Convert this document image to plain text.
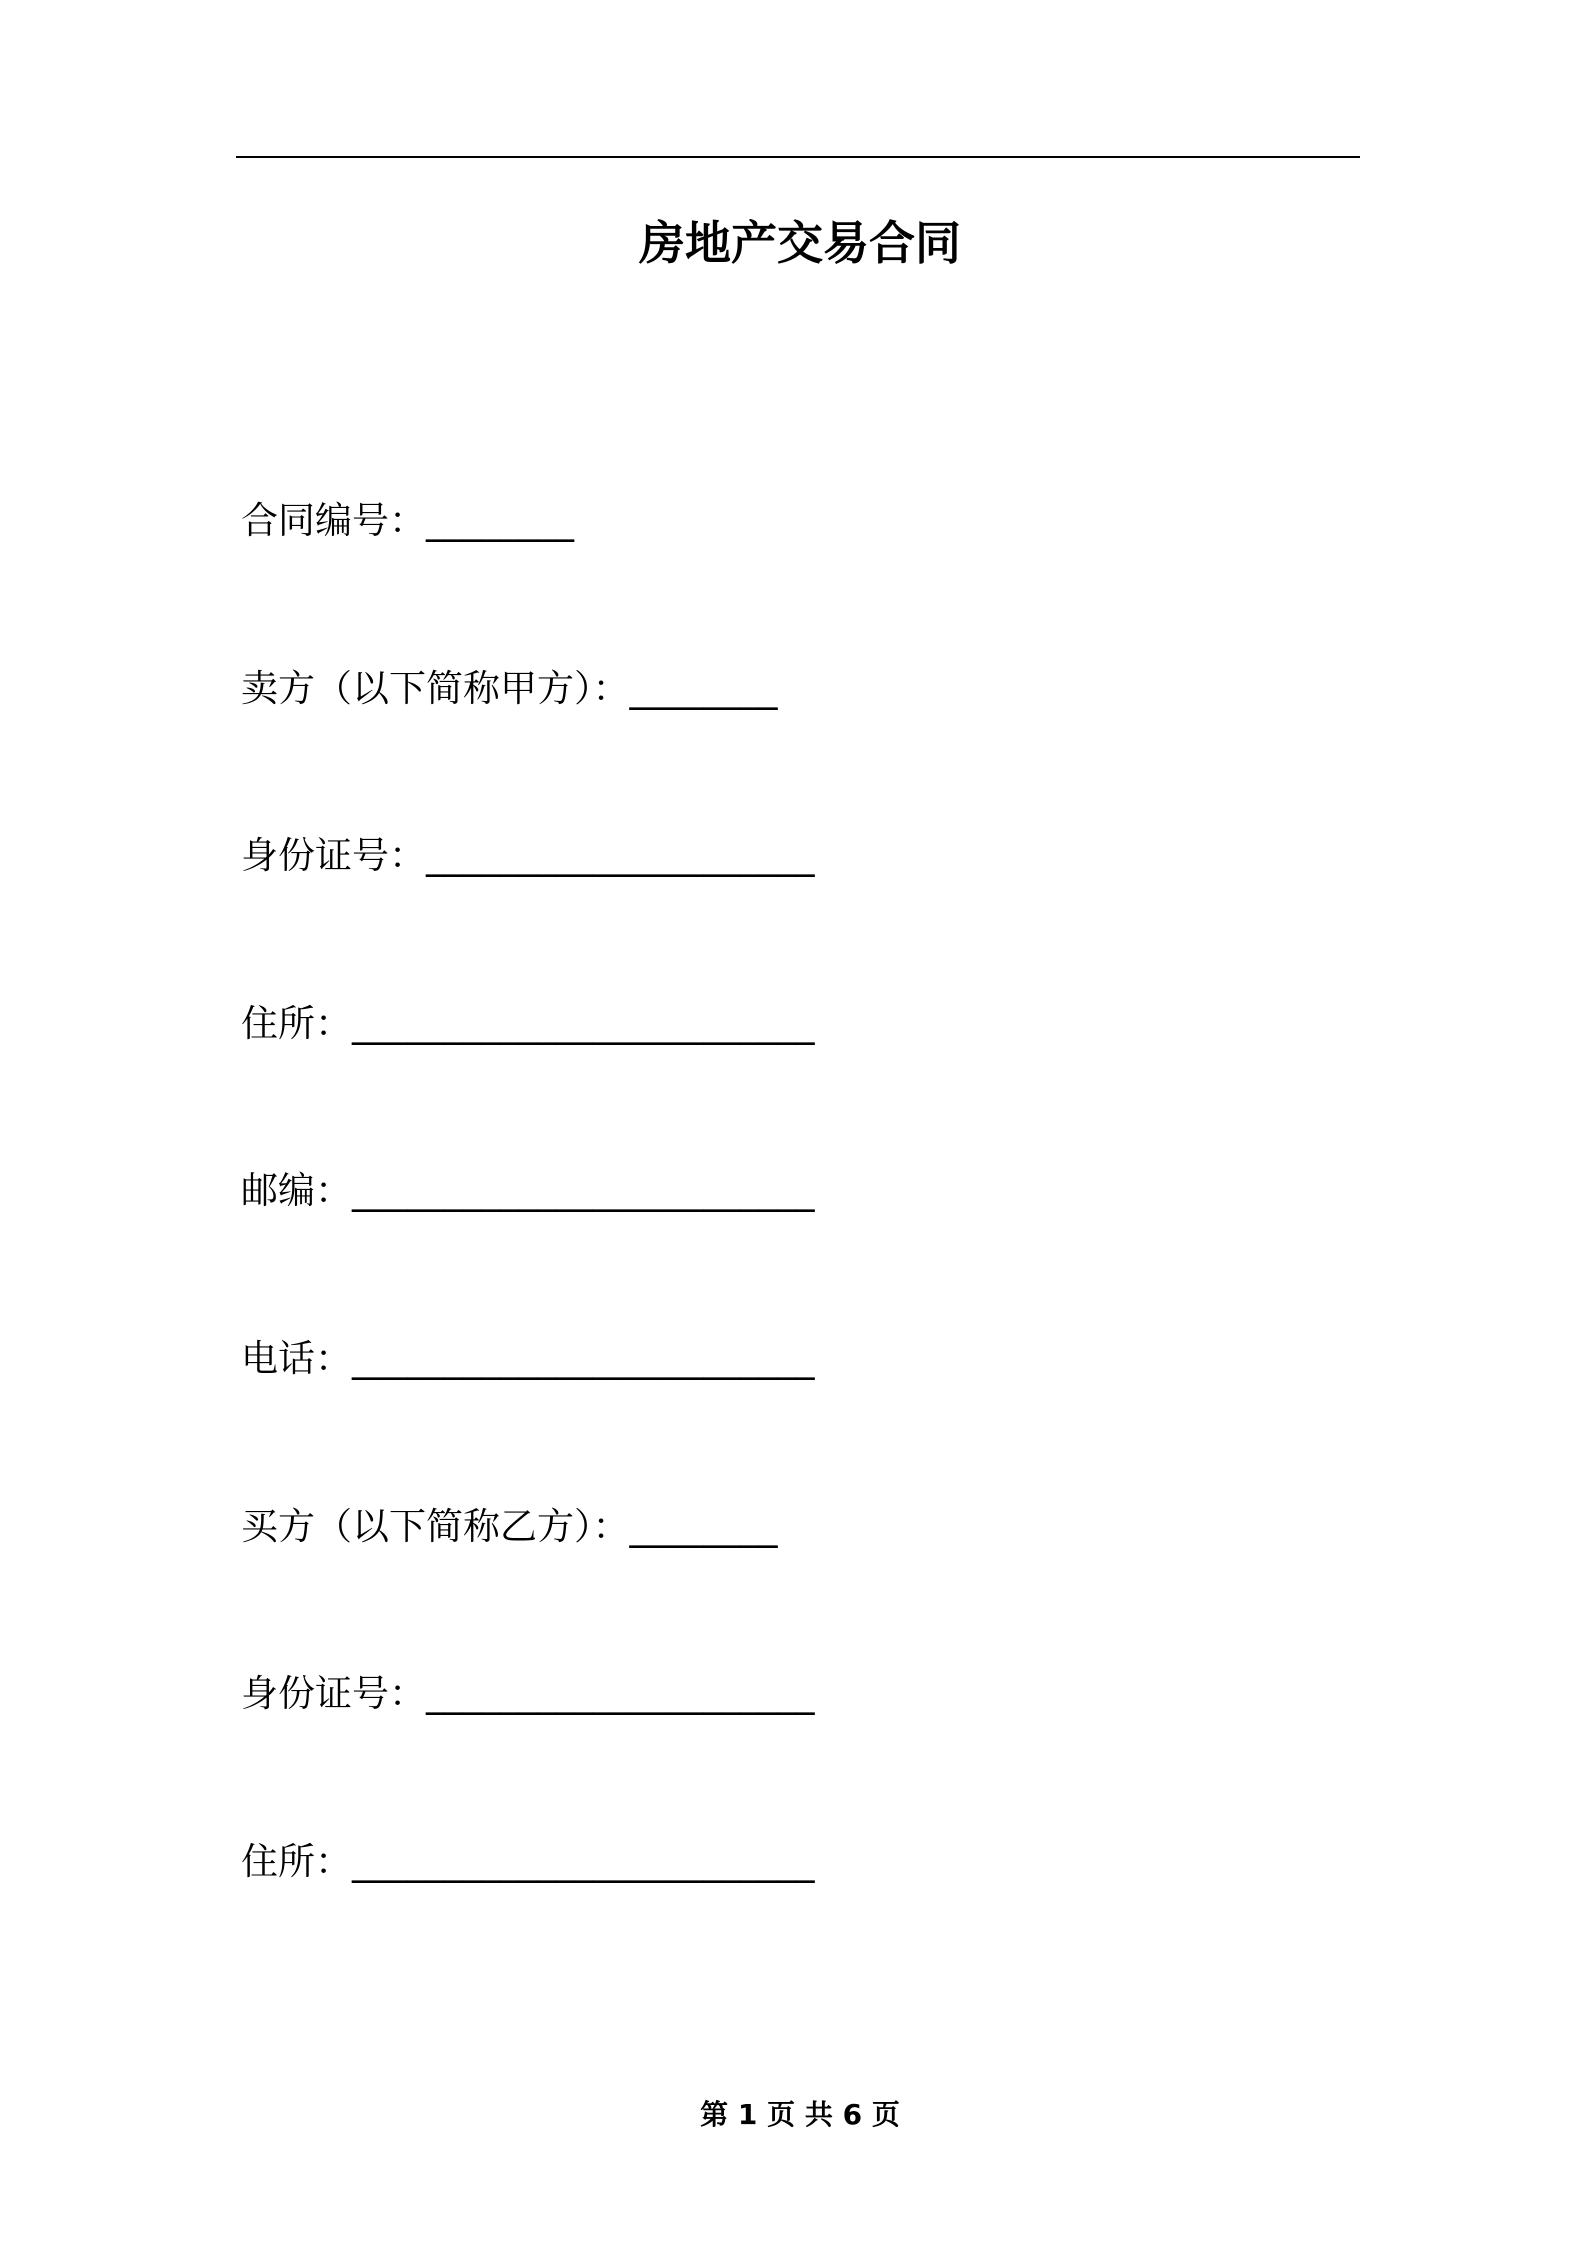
房地产交易合同
合同编号：________
卖方（以下简称甲方）：________
身份证号：_____________________
住所：_________________________
邮编：_________________________
电话：_________________________
买方（以下简称乙方）：________
身份证号：_____________________
住所：_________________________
第 1 页 共 6 页
